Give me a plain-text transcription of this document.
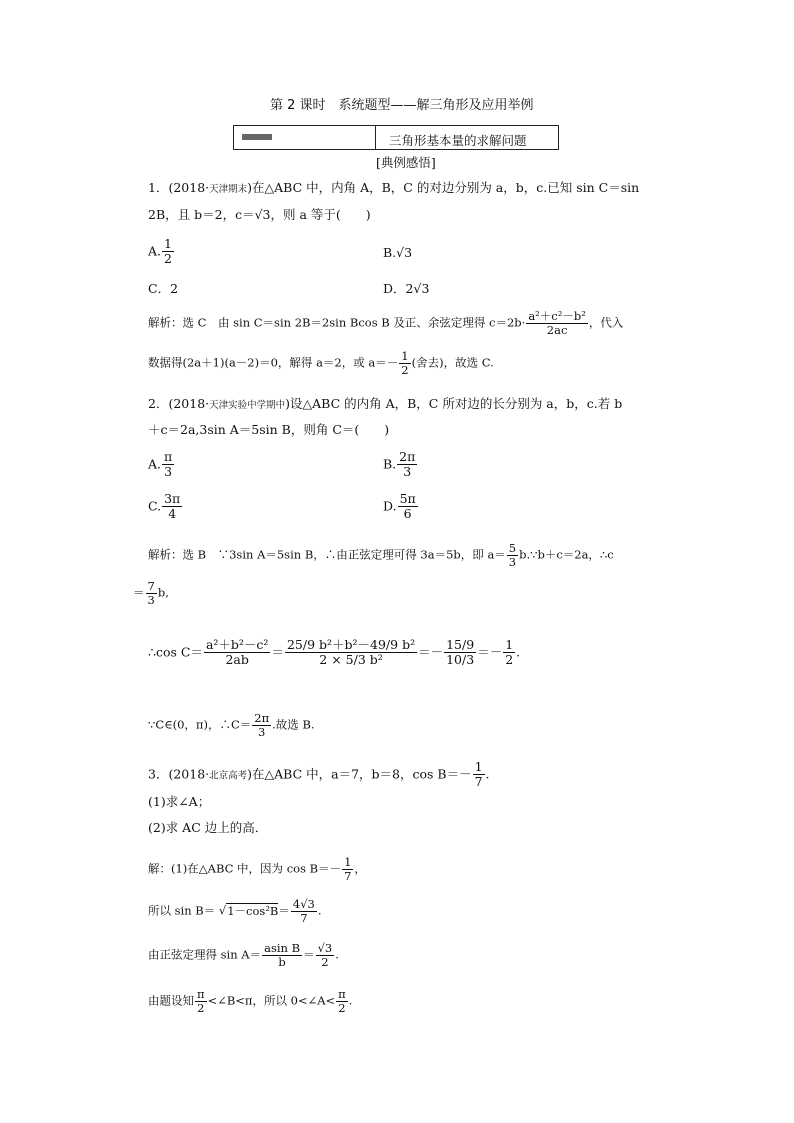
第 2 课时　系统题型——解三角形及应用举例
三角形基本量的求解问题
[典例感悟]
1．(2018·天津期末)在△ABC 中，内角 A，B，C 的对边分别为 a，b，c.已知 sin C＝sin
2B，且 b＝2，c＝√3，则 a 等于(　　)
A. $\frac{1}{2}$	B.√3
C．2	D．2√3
解析：选 C　由 sin C＝sin 2B＝2sin Bcos B 及正、余弦定理得 $c=2b\cdot \frac{\text{a²＋c²－b²}}{2ac}$ ，代入
数据得(2a＋1)(a－2)＝0，解得 a＝2，或 $a=- \frac{1}{2}$ (舍去)，故选 C.
2．(2018·天津实验中学期中)设△ABC 的内角 A，B，C 所对边的长分别为 a，b，c.若 b
＋c＝2a,3sin A＝5sin B，则角 C＝(　　)
A. $\frac{\pi}{3}$	B. $\frac{2\pi}{3}$
C. $\frac{3\pi}{4}$	D. $\frac{5\pi}{6}$
解析：选 B　∵3sin A＝5sin B，∴由正弦定理可得 3a＝5b，即 $a= \frac{5}{3}$ b.∵b＋c＝2a，∴c
＝ $\frac{7}{3} b$,
∴cos $C= \frac{\text{a²＋b²－c²}}{2ab} = \frac{\text{25/9 b²＋b²－49/9 b²}}{\text{2 × 5/3 b²}} =- \frac{15/9}{10/3} =- \frac{1}{2}$ .
∵C∈(0，π)，∴C＝ $\frac{2\pi}{3}$ .故选 B.
3．(2018·北京高考)在△ABC 中，a＝7，b＝8，$\cos B=- \frac{1}{7}$ .
(1)求∠A；
(2)求 AC 边上的高．
解：(1)在△ABC 中，因为 $\cos B=- \frac{1}{7}$ ，
所以 $\sin B= √1-\cos^2B= \frac{4√3}{7}$ .
由正弦定理得 $\sin A= \frac{\text{asin B}}{b} = \frac{√3}{2}$ .
由题设知 $\frac{\pi}{2}$ <∠B<π，所以 0<∠A< $\frac{\pi}{2}$ .
